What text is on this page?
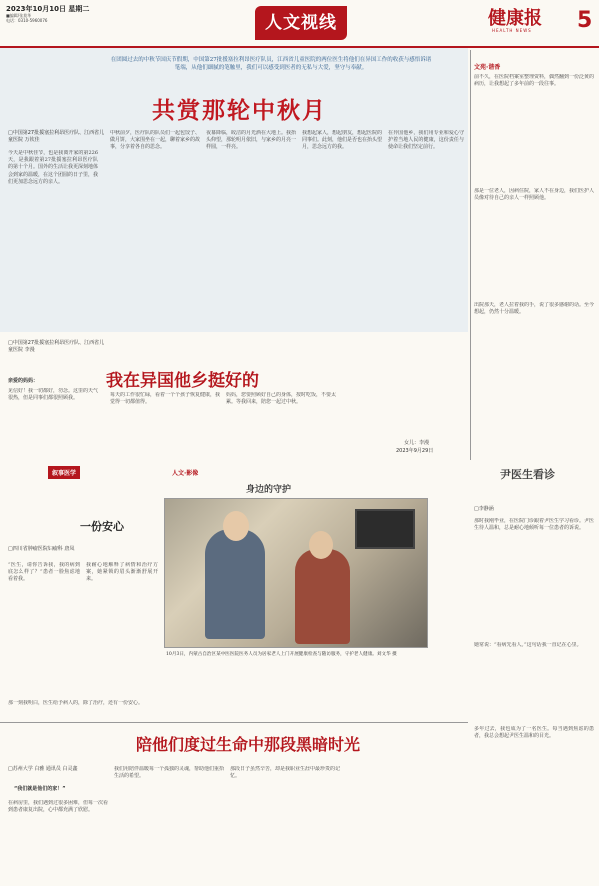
2023年10月10日 星期二
■编辑/张莫华
电话：0310-5960076	人文视线	健康报
HEALTH NEWS 5
在团圆过去的中秋节国庆节假期，中国第27批援塞拉利昂医疗队员，江西省儿童医院的两位医生将他们在异国工作的收获与感悟诉诸笔端，从他们細腻的笔触里，我们可以感受到医者的无私与大爱，坚守与奉献。
共赏那轮中秋月
□中国第27批援塞拉利昂医疗队、江西省儿童医院 万钦佳
今天是中秋佳节，也是我离开家的第226天，是我跟着第27批援塞拉利昂医疗队的第十个月。国外的生活让我更深刻地体会到家的温暖，在这个团圆的日子里，我们更加思念远方的亲人。
中秋前夕，医疗队的队员们一起包饺子、做月饼，大家围坐在一起，聊着家乡的故事，分享着各自的思念。
夜幕降临，皎洁的月光洒在大地上。我抬头仰望，那轮明月依旧，与家乡的月亮一样圆，一样亮。
我想起家人，想起朋友，想起医院的同事们。此刻，他们是否也在抬头望月，思念远方的我。
在异国他乡，我们用专业和爱心守护着当地人民的健康，这份责任与使命让我们坚定前行。
文苑·谐香
前不久，在医院档案室整理资料，偶然翻到一份泛黄的病历，让我想起了多年前的一段往事。
那是一位老人，因病住院，家人不在身边，我们医护人员像对待自己的亲人一样照顾他。
出院那天，老人拉着我的手，说了很多感谢的话。至今想起，仍然十分温暖。
我在异国他乡挺好的
□中国第27批援塞拉利昂医疗队、江西省儿童医院 李漫
亲爱的妈妈：
见信好！我一切都好，勿念。这里的天气很热，但是同事们都很照顾我。
每天的工作很忙碌，看着一个个孩子恢复健康，我觉得一切都值得。
妈妈，您要照顾好自己的身体，按时吃饭，不要太累。等我回来，陪您一起过中秋。
女儿：李漫
2023年9月29日
叙事医学
一份安心
□四川省肿瘤医院妇瘤科 唐凤
“医生，请你告诉我，我的病到底怎么样了？”患者一脸焦虑地看着我。
我耐心地解释了病情和治疗方案，她紧锁的眉头渐渐舒展开来。
那一刻我明白，医生给予病人的，除了治疗，还有一份安心。
人文·影像
身边的守护
10月3日，内蒙古自治区某中医医院医务人员为居家老人上门开展健康检查与随访服务，守护老人健康。刘文华 摄
尹医生看诊
□李静涵
那时我刚毕业，在医院门诊跟着尹医生学习看诊。尹医生待人温和，总是耐心地倾听每一位患者的诉说。
她常说：“看病先看人。”这句话我一直记在心里。
多年过去，我也成为了一名医生。每当遇到焦虑的患者，我总会想起尹医生温和的目光。
陪他们度过生命中那段黑暗时光
□苏州大学 白雅 通讯员 白灵鑫
“我们就是他们的家！”
在病房里，我们遇到过很多困难，但每一次看到患者康复出院，心中都充满了欣慰。
我们用陪伴温暖每一个孤独的灵魂，帮助他们重拾生活的希望。
那段日子虽然辛苦，却是我职业生涯中最珍贵的记忆。
